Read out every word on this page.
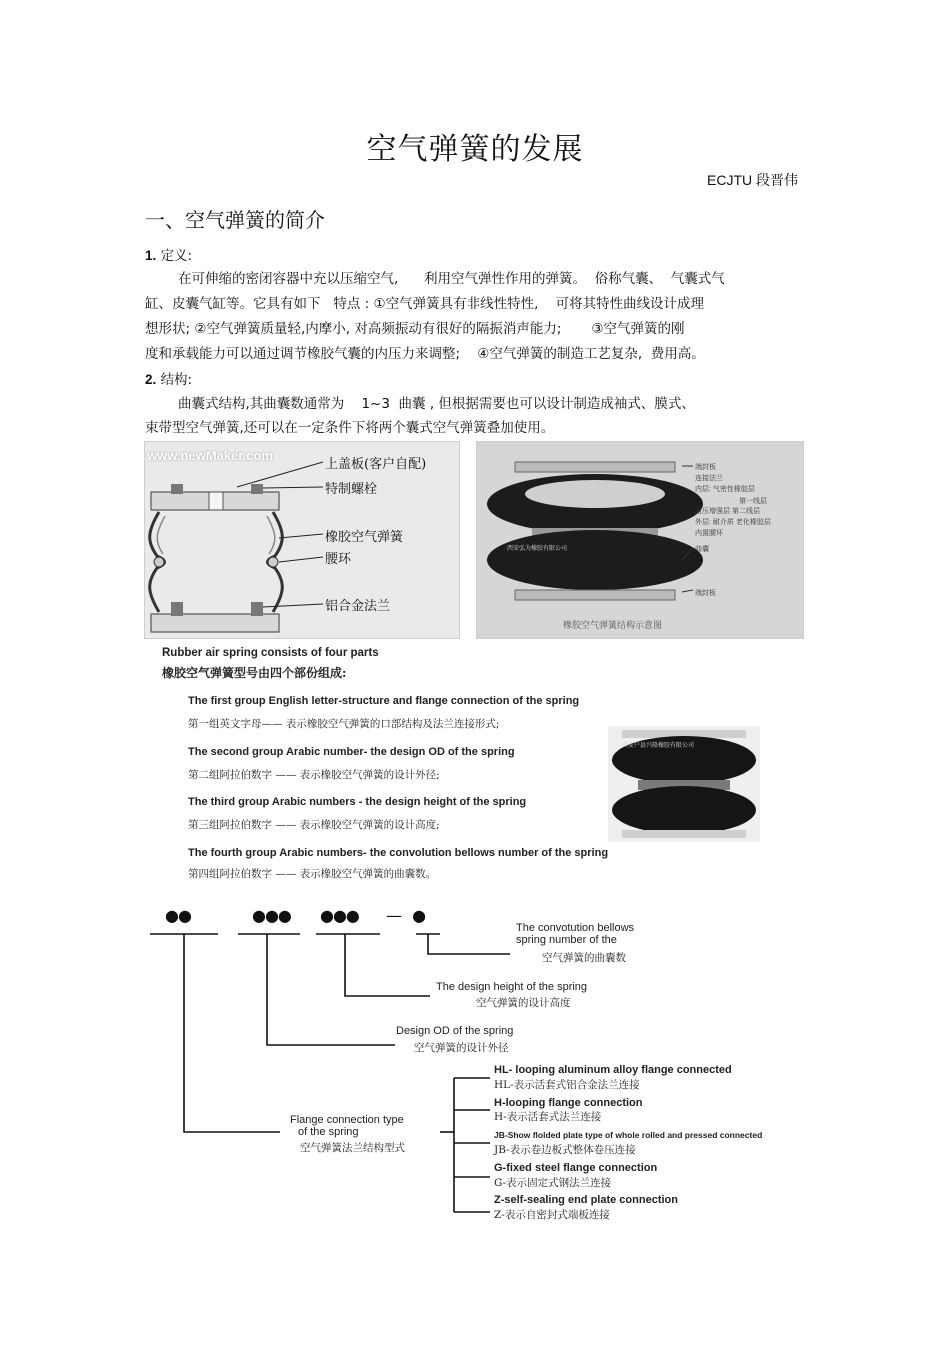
空气弹簧的发展
ECJTU 段晋伟
一、空气弹簧的简介
1. 定义:
在可伸缩的密闭容器中充以压缩空气,      利用空气弹性作用的弹簧。  俗称气囊、  气囊式气
缸、皮囊气缸等。它具有如下   特点 : ①空气弹簧具有非线性特性,    可将其特性曲线设计成理
想形状; ②空气弹簧质量轻,内摩小, 对高频振动有很好的隔振消声能力;       ③空气弹簧的刚
度和承载能力可以通过调节橡胶气囊的内压力来调整;    ④空气弹簧的制造工艺复杂,  费用高。
2. 结构:
曲囊式结构,其曲囊数通常为    1~3  曲囊 , 但根据需要也可以设计制造成袖式、膜式、
束带型空气弹簧,还可以在一定条件下将两个囊式空气弹簧叠加使用。
www.newMaker.com
上盖板(客户自配)
特制螺栓
橡胶空气弹簧
腰环
铝合金法兰
端封板
连接法兰
内层: 气密性橡胶层
第一线层
耐压增强层 第二线层
外层: 耐介质 老化橡胶层
内置腰环
曲囊
端封板
西安弘为橡胶有限公司
橡胶空气弹簧结构示意图
Rubber air spring consists of four parts
橡胶空气弹簧型号由四个部份组成:
The first group English letter-structure and flange connection of the spring
第一组英文字母—— 表示橡胶空气弹簧的口部结构及法兰连接形式;
The second group Arabic number- the design OD of the spring
第二组阿拉伯数字 —— 表示橡胶空气弹簧的设计外径;
The third group Arabic numbers - the design height of the spring
第三组阿拉伯数字 —— 表示橡胶空气弹簧的设计高度;
The fourth group Arabic numbers- the convolution bellows number of the spring
第四组阿拉伯数字 —— 表示橡胶空气弹簧的曲囊数。
西安户县兴隆橡胶有限公司
●●	●●● ●●● —  ●
The convotution bellows
spring number of the
空气弹簧的曲囊数
The design height of the spring
空气弹簧的设计高度
Design OD of the spring
空气弹簧的设计外径
Flange connection type
of the spring
空气弹簧法兰结构型式
HL- looping aluminum alloy flange connected
HL-表示活套式铝合金法兰连接
H-looping flange connection
H-表示活套式法兰连接
JB-Show flolded plate type of whole rolled and pressed connected
JB-表示卷边板式整体卷压连接
G-fixed steel flange connection
G-表示固定式钢法兰连接
Z-self-sealing end plate connection
Z-表示自密封式端板连接
